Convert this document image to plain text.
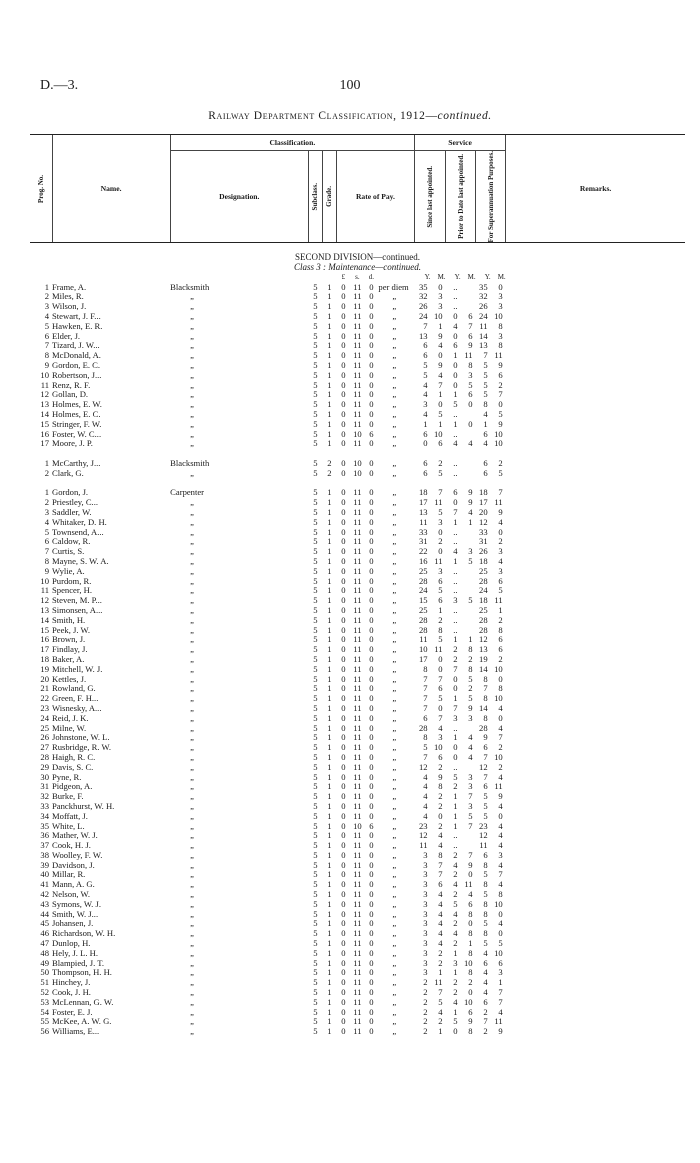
D.—3.	100
Railway Department Classification, 1912—continued.
Prog. No.	Name.	Classification.							Service						Remarks.
		Designation.	Subclass.	Grade.	Rate of Pay.				Since last appointed.		Prior to Date last appointed.		For Superannuation Purposes.		

SECOND DIVISION—continued.															
Class 3 : Maintenance—continued.															
					£	s.	d.		Y.	M.	Y.	M.	Y.	M.	
1	Frame, A.	Blacksmith	5	1	0	11	0	per diem	35	0	..		35	0	
2	Miles, R.	„	5	1	0	11	0	„	32	3	..		32	3	
3	Wilson, J.	„	5	1	0	11	0	„	26	3	..		26	3	
4	Stewart, J. F...	„	5	1	0	11	0	„	24	10	0	6	24	10	
5	Hawken, E. R.	„	5	1	0	11	0	„	7	1	4	7	11	8	
6	Elder, J.	„	5	1	0	11	0	„	13	9	0	6	14	3	
7	Tizard, J. W...	„	5	1	0	11	0	„	6	4	6	9	13	8	
8	McDonald, A.	„	5	1	0	11	0	„	6	0	1	11	7	11	
9	Gordon, E. C.	„	5	1	0	11	0	„	5	9	0	8	5	9	
10	Robertson, J...	„	5	1	0	11	0	„	5	4	0	3	5	6	
11	Renz, R. F.	„	5	1	0	11	0	„	4	7	0	5	5	2	
12	Gollan, D.	„	5	1	0	11	0	„	4	1	1	6	5	7	
13	Holmes, E. W.	„	5	1	0	11	0	„	3	0	5	0	8	0	
14	Holmes, E. C.	„	5	1	0	11	0	„	4	5	..		4	5	
15	Stringer, F. W.	„	5	1	0	11	0	„	1	1	1	0	1	9	
16	Foster, W. C...	„	5	1	0	10	6	„	6	10	..		6	10	
17	Moore, J. P.	„	5	1	0	11	0	„	0	6	4	4	4	10	

1	McCarthy, J...	Blacksmith	5	2	0	10	0	„	6	2	..		6	2	
2	Clark, G.	„	5	2	0	10	0	„	6	5	..		6	5	

1	Gordon, J.	Carpenter	5	1	0	11	0	„	18	7	6	9	18	7	
2	Priestley, C...	„	5	1	0	11	0	„	17	11	0	9	17	11	
3	Saddler, W.	„	5	1	0	11	0	„	13	5	7	4	20	9	
4	Whitaker, D. H.	„	5	1	0	11	0	„	11	3	1	1	12	4	
5	Townsend, A...	„	5	1	0	11	0	„	33	0	..		33	0	
6	Caldow, R.	„	5	1	0	11	0	„	31	2	..		31	2	
7	Curtis, S.	„	5	1	0	11	0	„	22	0	4	3	26	3	
8	Mayne, S. W. A.	„	5	1	0	11	0	„	16	11	1	5	18	4	
9	Wylie, A.	„	5	1	0	11	0	„	25	3	..		25	3	
10	Purdom, R.	„	5	1	0	11	0	„	28	6	..		28	6	
11	Spencer, H.	„	5	1	0	11	0	„	24	5	..		24	5	
12	Steven, M. P...	„	5	1	0	11	0	„	15	6	3	5	18	11	
13	Simonsen, A...	„	5	1	0	11	0	„	25	1	..		25	1	
14	Smith, H.	„	5	1	0	11	0	„	28	2	..		28	2	
15	Peek, J. W.	„	5	1	0	11	0	„	28	8	..		28	8	
16	Brown, J.	„	5	1	0	11	0	„	11	5	1	1	12	6	
17	Findlay, J.	„	5	1	0	11	0	„	10	11	2	8	13	6	
18	Baker, A.	„	5	1	0	11	0	„	17	0	2	2	19	2	
19	Mitchell, W. J.	„	5	1	0	11	0	„	8	0	7	8	14	10	
20	Kettles, J.	„	5	1	0	11	0	„	7	7	0	5	8	0	
21	Rowland, G.	„	5	1	0	11	0	„	7	6	0	2	7	8	
22	Green, F. H...	„	5	1	0	11	0	„	7	5	1	5	8	10	
23	Wisnesky, A...	„	5	1	0	11	0	„	7	0	7	9	14	4	
24	Reid, J. K.	„	5	1	0	11	0	„	6	7	3	3	8	0	
25	Milne, W.	„	5	1	0	11	0	„	28	4	..		28	4	
26	Johnstone, W. L.	„	5	1	0	11	0	„	8	3	1	4	9	7	
27	Rusbridge, R. W.	„	5	1	0	11	0	„	5	10	0	4	6	2	
28	Haigh, R. C.	„	5	1	0	11	0	„	7	6	0	4	7	10	
29	Davis, S. C.	„	5	1	0	11	0	„	12	2	..		12	2	
30	Pyne, R.	„	5	1	0	11	0	„	4	9	5	3	7	4	
31	Pidgeon, A.	„	5	1	0	11	0	„	4	8	2	3	6	11	
32	Burke, F.	„	5	1	0	11	0	„	4	2	1	7	5	9	
33	Panckhurst, W. H.	„	5	1	0	11	0	„	4	2	1	3	5	4	
34	Moffatt, J.	„	5	1	0	11	0	„	4	0	1	5	5	0	
35	White, L.	„	5	1	0	10	6	„	23	2	1	7	23	4	
36	Mather, W. J.	„	5	1	0	11	0	„	12	4	..		12	4	
37	Cook, H. J.	„	5	1	0	11	0	„	11	4	..		11	4	
38	Woolley, F. W.	„	5	1	0	11	0	„	3	8	2	7	6	3	
39	Davidson, J.	„	5	1	0	11	0	„	3	7	4	9	8	4	
40	Millar, R.	„	5	1	0	11	0	„	3	7	2	0	5	7	
41	Mann, A. G.	„	5	1	0	11	0	„	3	6	4	11	8	4	
42	Nelson, W.	„	5	1	0	11	0	„	3	4	2	4	5	8	
43	Symons, W. J.	„	5	1	0	11	0	„	3	4	5	6	8	10	
44	Smith, W. J...	„	5	1	0	11	0	„	3	4	4	8	8	0	
45	Johansen, J.	„	5	1	0	11	0	„	3	4	2	0	5	4	
46	Richardson, W. H.	„	5	1	0	11	0	„	3	4	4	8	8	0	
47	Dunlop, H.	„	5	1	0	11	0	„	3	4	2	1	5	5	
48	Hely, J. L. H.	„	5	1	0	11	0	„	3	2	1	8	4	10	
49	Blampied, J. T.	„	5	1	0	11	0	„	3	2	3	10	6	6	
50	Thompson, H. H.	„	5	1	0	11	0	„	3	1	1	8	4	3	
51	Hinchey, J.	„	5	1	0	11	0	„	2	11	2	2	4	1	
52	Cook, J. H.	„	5	1	0	11	0	„	2	7	2	0	4	7	
53	McLennan, G. W.	„	5	1	0	11	0	„	2	5	4	10	6	7	
54	Foster, E. J.	„	5	1	0	11	0	„	2	4	1	6	2	4	
55	McKee, A. W. G.	„	5	1	0	11	0	„	2	2	5	9	7	11	
56	Williams, E...	„	5	1	0	11	0	„	2	1	0	8	2	9	
